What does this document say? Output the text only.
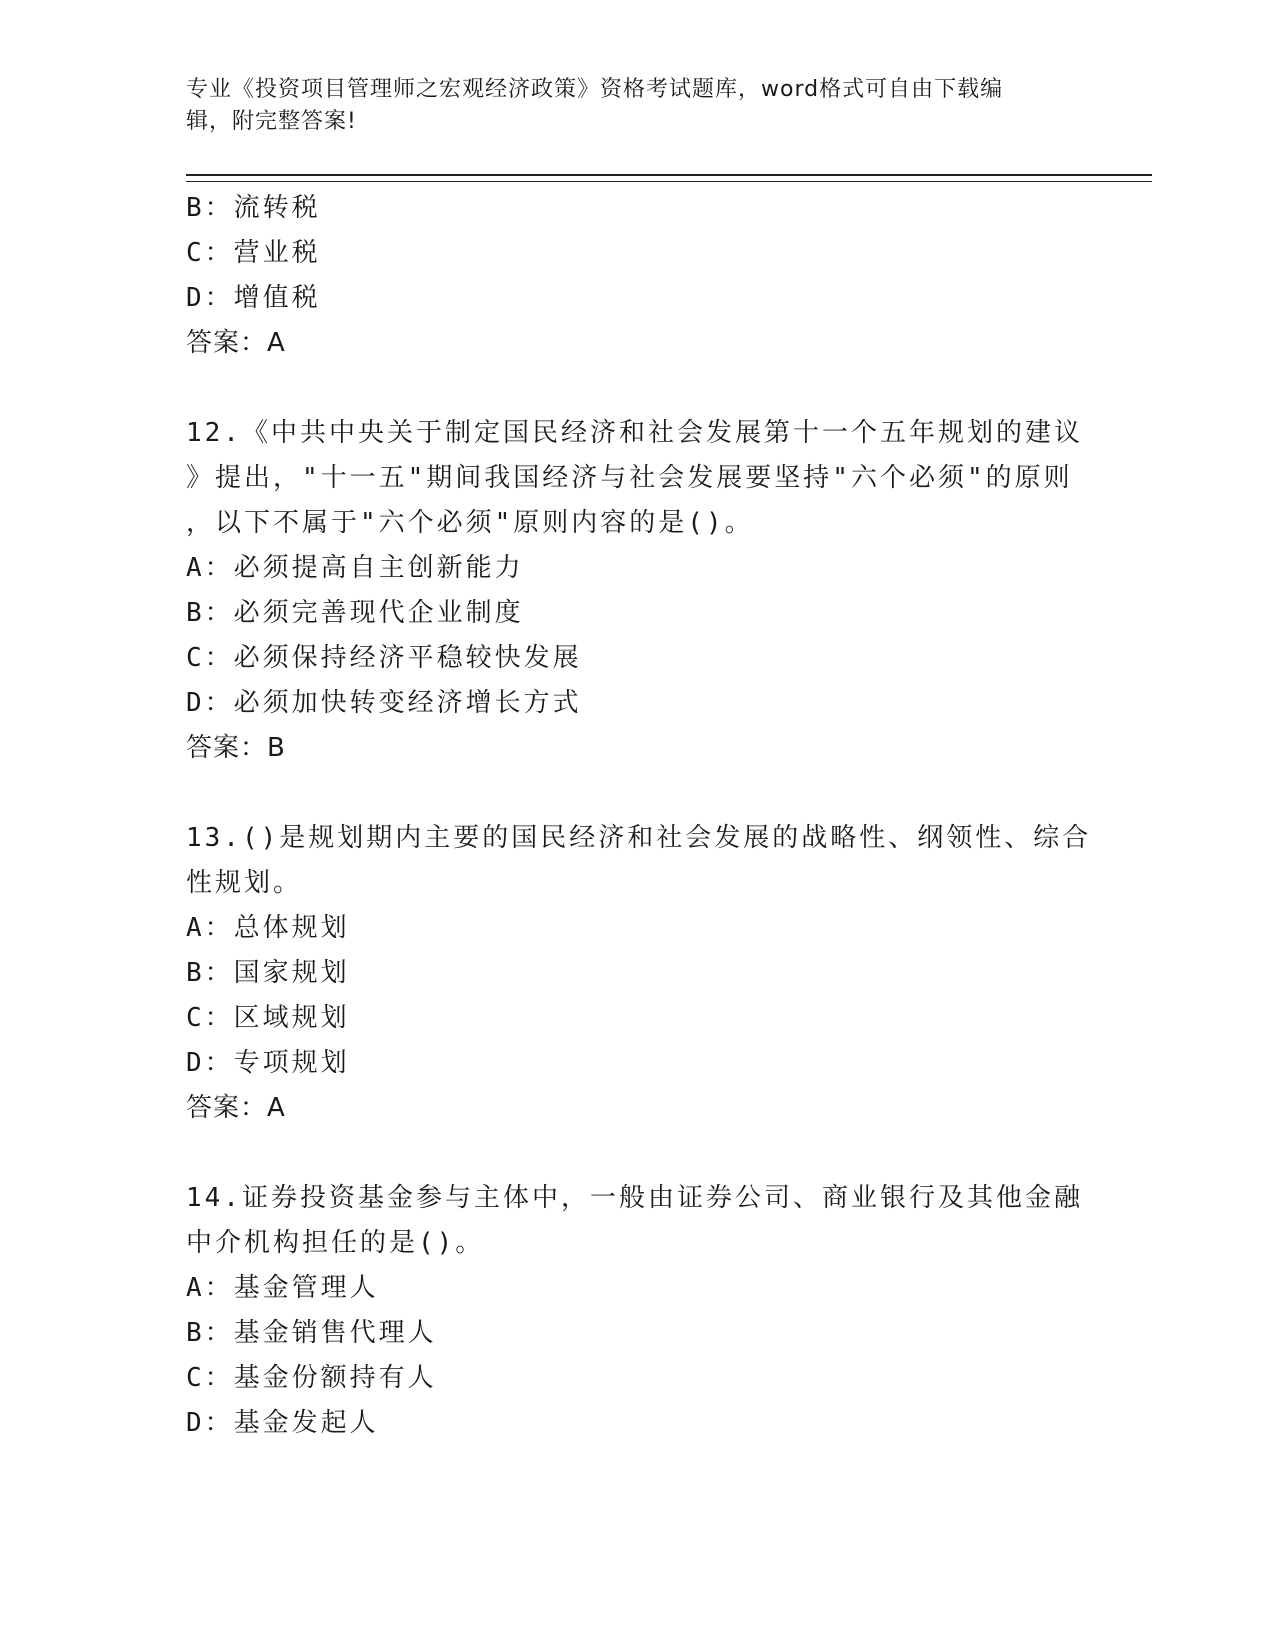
专业《投资项目管理师之宏观经济政策》资格考试题库，word格式可自由下载编
辑，附完整答案!
B：流转税
C：营业税
D：增值税
答案：A
12.《中共中央关于制定国民经济和社会发展第十一个五年规划的建议
》提出，"十一五"期间我国经济与社会发展要坚持"六个必须"的原则
，以下不属于"六个必须"原则内容的是()。
A：必须提高自主创新能力
B：必须完善现代企业制度
C：必须保持经济平稳较快发展
D：必须加快转变经济增长方式
答案：B
13.()是规划期内主要的国民经济和社会发展的战略性、纲领性、综合
性规划。
A：总体规划
B：国家规划
C：区域规划
D：专项规划
答案：A
14.证券投资基金参与主体中，一般由证券公司、商业银行及其他金融
中介机构担任的是()。
A：基金管理人
B：基金销售代理人
C：基金份额持有人
D：基金发起人
